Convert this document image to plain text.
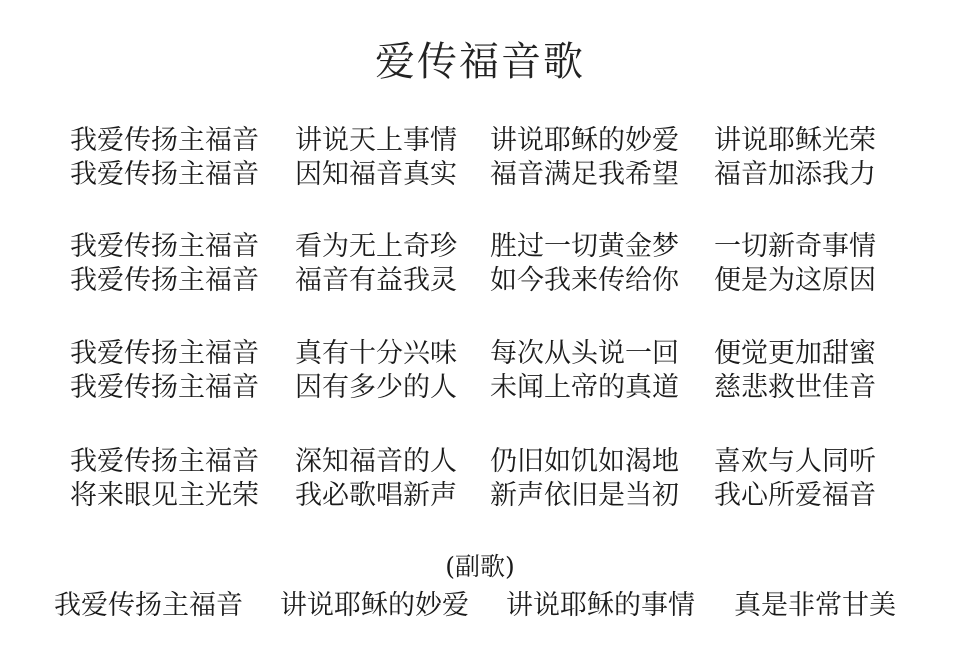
爱传福音歌
我爱传扬主福音	讲说天上事情	讲说耶稣的妙爱	讲说耶稣光荣
我爱传扬主福音	因知福音真实	福音满足我希望	福音加添我力
我爱传扬主福音	看为无上奇珍	胜过一切黄金梦	一切新奇事情
我爱传扬主福音	福音有益我灵	如今我来传给你	便是为这原因
我爱传扬主福音	真有十分兴味	每次从头说一回	便觉更加甜蜜
我爱传扬主福音	因有多少的人	未闻上帝的真道	慈悲救世佳音
我爱传扬主福音	深知福音的人	仍旧如饥如渴地	喜欢与人同听
将来眼见主光荣	我必歌唱新声	新声依旧是当初	我心所爱福音
(副歌)
我爱传扬主福音	讲说耶稣的妙爱	讲说耶稣的事情	真是非常甘美
